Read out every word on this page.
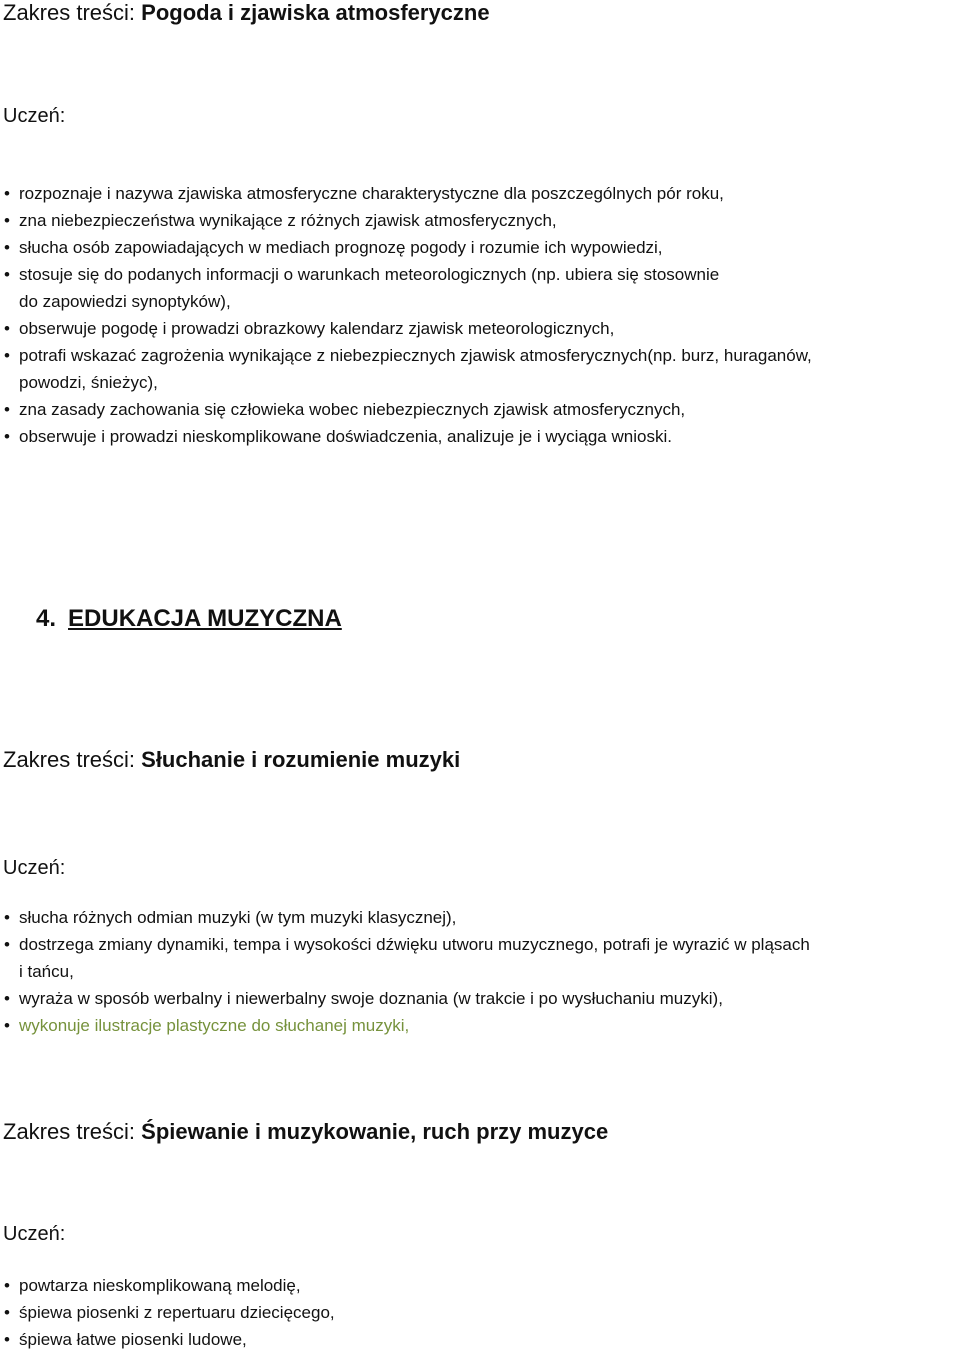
Zakres treści: Pogoda i zjawiska atmosferyczne
Uczeń:
• rozpoznaje i nazywa zjawiska atmosferyczne charakterystyczne dla poszczególnych pór roku,
• zna niebezpieczeństwa wynikające z różnych zjawisk atmosferycznych,
• słucha osób zapowiadających w mediach prognozę pogody i rozumie ich wypowiedzi,
• stosuje się do podanych informacji o warunkach meteorologicznych (np. ubiera się stosownie
do zapowiedzi synoptyków),
• obserwuje pogodę i prowadzi obrazkowy kalendarz zjawisk meteorologicznych,
• potrafi wskazać zagrożenia wynikające z niebezpiecznych zjawisk atmosferycznych(np. burz, huraganów,
powodzi, śnieżyc),
• zna zasady zachowania się człowieka wobec niebezpiecznych zjawisk atmosferycznych,
• obserwuje i prowadzi nieskomplikowane doświadczenia, analizuje je i wyciąga wnioski.
4. EDUKACJA MUZYCZNA
Zakres treści: Słuchanie i rozumienie muzyki
Uczeń:
• słucha różnych odmian muzyki (w tym muzyki klasycznej),
• dostrzega zmiany dynamiki, tempa i wysokości dźwięku utworu muzycznego, potrafi je wyrazić w pląsach
i tańcu,
• wyraża w sposób werbalny i niewerbalny swoje doznania (w trakcie i po wysłuchaniu muzyki),
• wykonuje ilustracje plastyczne do słuchanej muzyki,
Zakres treści: Śpiewanie i muzykowanie, ruch przy muzyce
Uczeń:
• powtarza nieskomplikowaną melodię,
• śpiewa piosenki z repertuaru dziecięcego,
• śpiewa łatwe piosenki ludowe,
